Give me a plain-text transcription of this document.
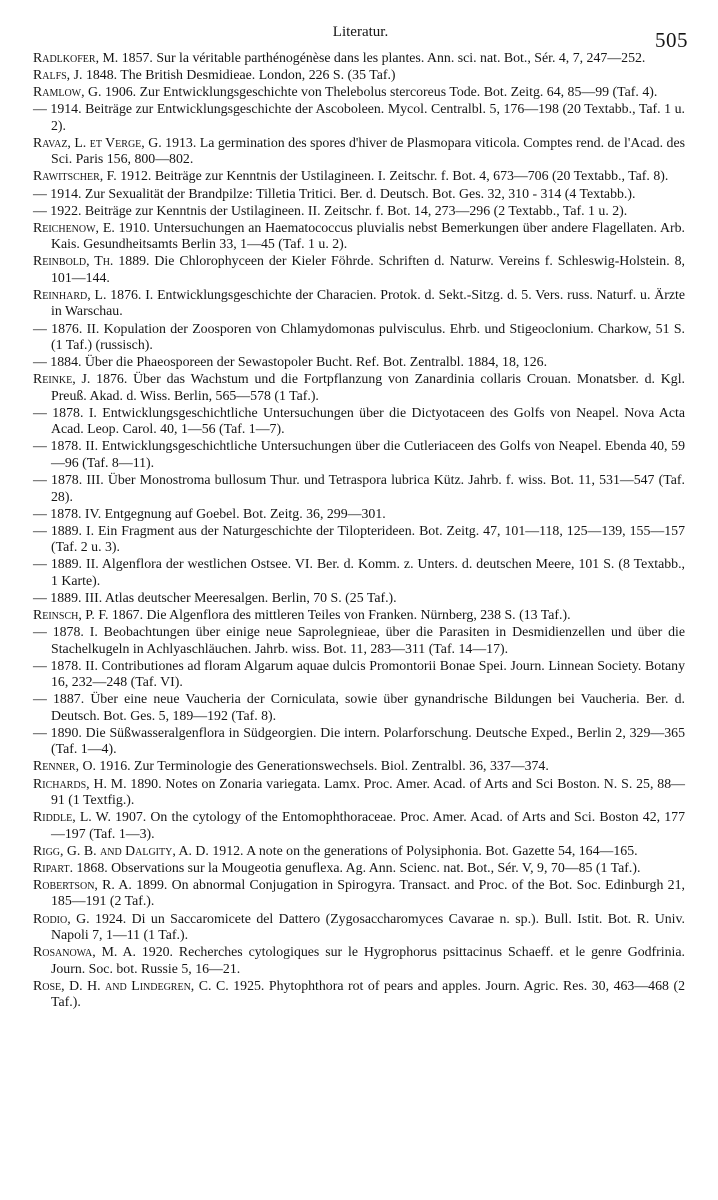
Literatur.	505
Radlkofer, M. 1857. Sur la véritable parthénogénèse dans les plantes. Ann. sci. nat. Bot., Sér. 4, 7, 247—252.
Ralfs, J. 1848. The British Desmidieae. London, 226 S. (35 Taf.)
Ramlow, G. 1906. Zur Entwicklungsgeschichte von Thelebolus stercoreus Tode. Bot. Zeitg. 64, 85—99 (Taf. 4).
— 1914. Beiträge zur Entwicklungsgeschichte der Ascoboleen. Mycol. Centralbl. 5, 176—198 (20 Textabb., Taf. 1 u. 2).
Ravaz, L. et Verge, G. 1913. La germination des spores d'hiver de Plasmopara viticola. Comptes rend. de l'Acad. des Sci. Paris 156, 800—802.
Rawitscher, F. 1912. Beiträge zur Kenntnis der Ustilagineen. I. Zeitschr. f. Bot. 4, 673—706 (20 Textabb., Taf. 8).
— 1914. Zur Sexualität der Brandpilze: Tilletia Tritici. Ber. d. Deutsch. Bot. Ges. 32, 310 - 314 (4 Textabb.).
— 1922. Beiträge zur Kenntnis der Ustilagineen. II. Zeitschr. f. Bot. 14, 273—296 (2 Textabb., Taf. 1 u. 2).
Reichenow, E. 1910. Untersuchungen an Haematococcus pluvialis nebst Bemerkungen über andere Flagellaten. Arb. Kais. Gesundheitsamts Berlin 33, 1—45 (Taf. 1 u. 2).
Reinbold, Th. 1889. Die Chlorophyceen der Kieler Föhrde. Schriften d. Naturw. Vereins f. Schleswig-Holstein. 8, 101—144.
Reinhard, L. 1876. I. Entwicklungsgeschichte der Characien. Protok. d. Sekt.-Sitzg. d. 5. Vers. russ. Naturf. u. Ärzte in Warschau.
— 1876. II. Kopulation der Zoosporen von Chlamydomonas pulvisculus. Ehrb. und Stigeoclonium. Charkow, 51 S. (1 Taf.) (russisch).
— 1884. Über die Phaeosporeen der Sewastopoler Bucht. Ref. Bot. Zentralbl. 1884, 18, 126.
Reinke, J. 1876. Über das Wachstum und die Fortpflanzung von Zanardinia collaris Crouan. Monatsber. d. Kgl. Preuß. Akad. d. Wiss. Berlin, 565—578 (1 Taf.).
— 1878. I. Entwicklungsgeschichtliche Untersuchungen über die Dictyotaceen des Golfs von Neapel. Nova Acta Acad. Leop. Carol. 40, 1—56 (Taf. 1—7).
— 1878. II. Entwicklungsgeschichtliche Untersuchungen über die Cutleriaceen des Golfs von Neapel. Ebenda 40, 59—96 (Taf. 8—11).
— 1878. III. Über Monostroma bullosum Thur. und Tetraspora lubrica Kütz. Jahrb. f. wiss. Bot. 11, 531—547 (Taf. 28).
— 1878. IV. Entgegnung auf Goebel. Bot. Zeitg. 36, 299—301.
— 1889. I. Ein Fragment aus der Naturgeschichte der Tilopterideen. Bot. Zeitg. 47, 101—118, 125—139, 155—157 (Taf. 2 u. 3).
— 1889. II. Algenflora der westlichen Ostsee. VI. Ber. d. Komm. z. Unters. d. deutschen Meere, 101 S. (8 Textabb., 1 Karte).
— 1889. III. Atlas deutscher Meeresalgen. Berlin, 70 S. (25 Taf.).
Reinsch, P. F. 1867. Die Algenflora des mittleren Teiles von Franken. Nürnberg, 238 S. (13 Taf.).
— 1878. I. Beobachtungen über einige neue Saprolegnieae, über die Parasiten in Desmidienzellen und über die Stachelkugeln in Achlyaschläuchen. Jahrb. wiss. Bot. 11, 283—311 (Taf. 14—17).
— 1878. II. Contributiones ad floram Algarum aquae dulcis Promontorii Bonae Spei. Journ. Linnean Society. Botany 16, 232—248 (Taf. VI).
— 1887. Über eine neue Vaucheria der Corniculata, sowie über gynandrische Bildungen bei Vaucheria. Ber. d. Deutsch. Bot. Ges. 5, 189—192 (Taf. 8).
— 1890. Die Süßwasseralgenflora in Südgeorgien. Die intern. Polarforschung. Deutsche Exped., Berlin 2, 329—365 (Taf. 1—4).
Renner, O. 1916. Zur Terminologie des Generationswechsels. Biol. Zentralbl. 36, 337—374.
Richards, H. M. 1890. Notes on Zonaria variegata. Lamx. Proc. Amer. Acad. of Arts and Sci Boston. N. S. 25, 88—91 (1 Textfig.).
Riddle, L. W. 1907. On the cytology of the Entomophthoraceae. Proc. Amer. Acad. of Arts and Sci. Boston 42, 177—197 (Taf. 1—3).
Rigg, G. B. and Dalgity, A. D. 1912. A note on the generations of Polysiphonia. Bot. Gazette 54, 164—165.
Ripart. 1868. Observations sur la Mougeotia genuflexa. Ag. Ann. Scienc. nat. Bot., Sér. V, 9, 70—85 (1 Taf.).
Robertson, R. A. 1899. On abnormal Conjugation in Spirogyra. Transact. and Proc. of the Bot. Soc. Edinburgh 21, 185—191 (2 Taf.).
Rodio, G. 1924. Di un Saccaromicete del Dattero (Zygosaccharomyces Cavarae n. sp.). Bull. Istit. Bot. R. Univ. Napoli 7, 1—11 (1 Taf.).
Rosanowa, M. A. 1920. Recherches cytologiques sur le Hygrophorus psittacinus Schaeff. et le genre Godfrinia. Journ. Soc. bot. Russie 5, 16—21.
Rose, D. H. and Lindegren, C. C. 1925. Phytophthora rot of pears and apples. Journ. Agric. Res. 30, 463—468 (2 Taf.).
